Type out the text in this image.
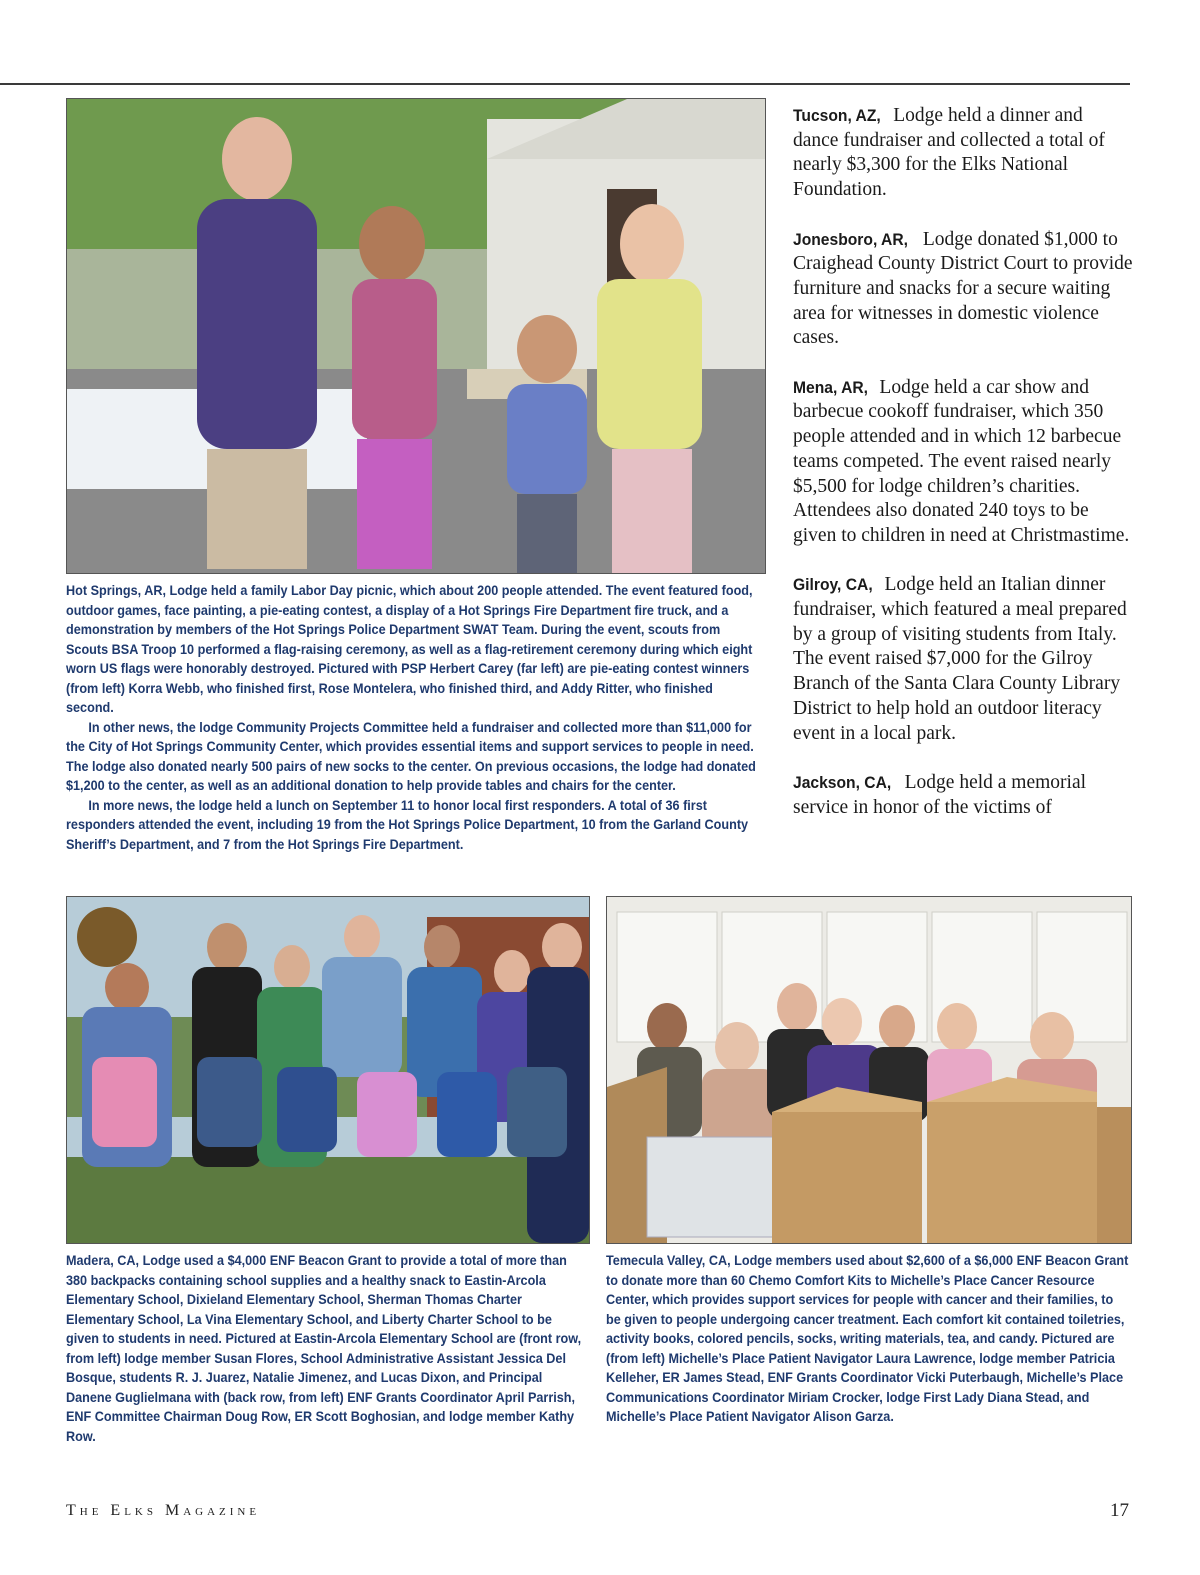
Hot Springs, AR, Lodge held a family Labor Day picnic, which about 200 people attended. The event featured food, outdoor games, face painting, a pie-eating contest, a display of a Hot Springs Fire Department fire truck, and a demonstration by members of the Hot Springs Police Department SWAT Team. During the event, scouts from Scouts BSA Troop 10 performed a flag-raising ceremony, as well as a flag-retirement ceremony during which eight worn US flags were honorably destroyed. Pictured with PSP Herbert Carey (far left) are pie-eating contest winners (from left) Korra Webb, who finished first, Rose Montelera, who finished third, and Addy Ritter, who finished second.

In other news, the lodge Community Projects Committee held a fundraiser and collected more than $11,000 for the City of Hot Springs Community Center, which provides essential items and support services to people in need. The lodge also donated nearly 500 pairs of new socks to the center. On previous occasions, the lodge had donated $1,200 to the center, as well as an additional donation to help provide tables and chairs for the center.

In more news, the lodge held a lunch on September 11 to honor local first responders. A total of 36 first responders attended the event, including 19 from the Hot Springs Police Department, 10 from the Garland County Sheriff’s Department, and 7 from the Hot Springs Fire Department.

Tucson, AZ, Lodge held a dinner and dance fundraiser and collected a total of nearly $3,300 for the Elks National Foundation.

Jonesboro, AR, Lodge donated $1,000 to Craighead County District Court to provide furniture and snacks for a secure waiting area for witnesses in domestic violence cases.

Mena, AR, Lodge held a car show and barbecue cookoff fundraiser, which 350 people attended and in which 12 barbecue teams competed. The event raised nearly $5,500 for lodge children’s charities. Attendees also donated 240 toys to be given to children in need at Christmastime.

Gilroy, CA, Lodge held an Italian dinner fundraiser, which featured a meal prepared by a group of visiting students from Italy. The event raised $7,000 for the Gilroy Branch of the Santa Clara County Library District to help hold an outdoor literacy event in a local park.

Jackson, CA, Lodge held a memorial service in honor of the victims of

Madera, CA, Lodge used a $4,000 ENF Beacon Grant to provide a total of more than 380 backpacks containing school supplies and a healthy snack to Eastin-Arcola Elementary School, Dixieland Elementary School, Sherman Thomas Charter Elementary School, La Vina Elementary School, and Liberty Charter School to be given to students in need. Pictured at Eastin-Arcola Elementary School are (front row, from left) lodge member Susan Flores, School Administrative Assistant Jessica Del Bosque, students R. J. Juarez, Natalie Jimenez, and Lucas Dixon, and Principal Danene Guglielmana with (back row, from left) ENF Grants Coordinator April Parrish, ENF Committee Chairman Doug Row, ER Scott Boghosian, and lodge member Kathy Row.

Temecula Valley, CA, Lodge members used about $2,600 of a $6,000 ENF Beacon Grant to donate more than 60 Chemo Comfort Kits to Michelle’s Place Cancer Resource Center, which provides support services for people with cancer and their families, to be given to people undergoing cancer treatment. Each comfort kit contained toiletries, activity books, colored pencils, socks, writing materials, tea, and candy. Pictured are (from left) Michelle’s Place Patient Navigator Laura Lawrence, lodge member Patricia Kelleher, ER James Stead, ENF Grants Coordinator Vicki Puterbaugh, Michelle’s Place Communications Coordinator Miriam Crocker, lodge First Lady Diana Stead, and Michelle’s Place Patient Navigator Alison Garza.

The Elks Magazine	17
